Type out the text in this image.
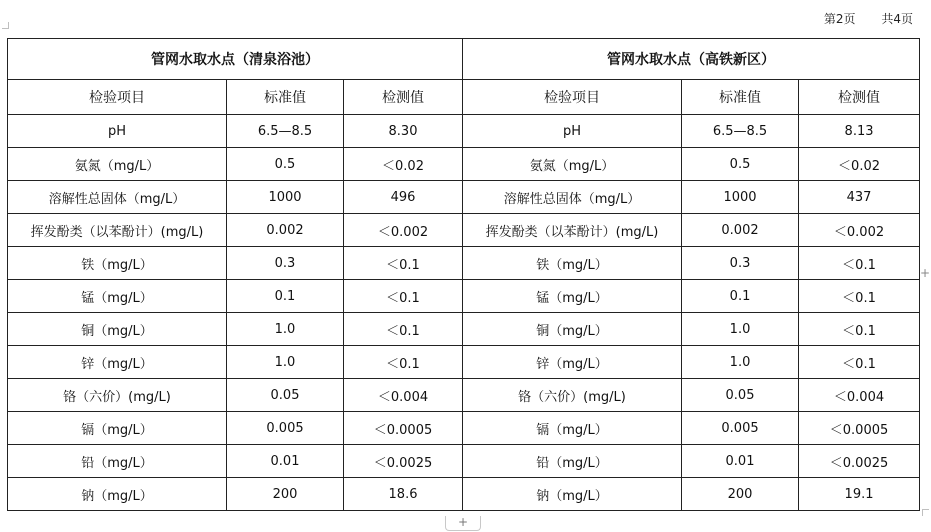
第2页 共4页
管网水取水点（清泉浴池）			管网水取水点（高铁新区）		
检验项目	标准值	检测值	检验项目	标准值	检测值
pH	6.5—8.5	8.30	pH	6.5—8.5	8.13
氨氮（mg/L）	0.5	＜0.02	氨氮（mg/L）	0.5	＜0.02
溶解性总固体（mg/L）	1000	496	溶解性总固体（mg/L）	1000	437
挥发酚类（以苯酚计）(mg/L)	0.002	＜0.002	挥发酚类（以苯酚计）(mg/L)	0.002	＜0.002
铁（mg/L）	0.3	＜0.1	铁（mg/L）	0.3	＜0.1
锰（mg/L）	0.1	＜0.1	锰（mg/L）	0.1	＜0.1
铜（mg/L）	1.0	＜0.1	铜（mg/L）	1.0	＜0.1
锌（mg/L）	1.0	＜0.1	锌（mg/L）	1.0	＜0.1
铬（六价）(mg/L)	0.05	＜0.004	铬（六价）(mg/L)	0.05	＜0.004
镉（mg/L）	0.005	＜0.0005	镉（mg/L）	0.005	＜0.0005
铅（mg/L）	0.01	＜0.0025	铅（mg/L）	0.01	＜0.0025
钠（mg/L）	200	18.6	钠（mg/L）	200	19.1
+
+
